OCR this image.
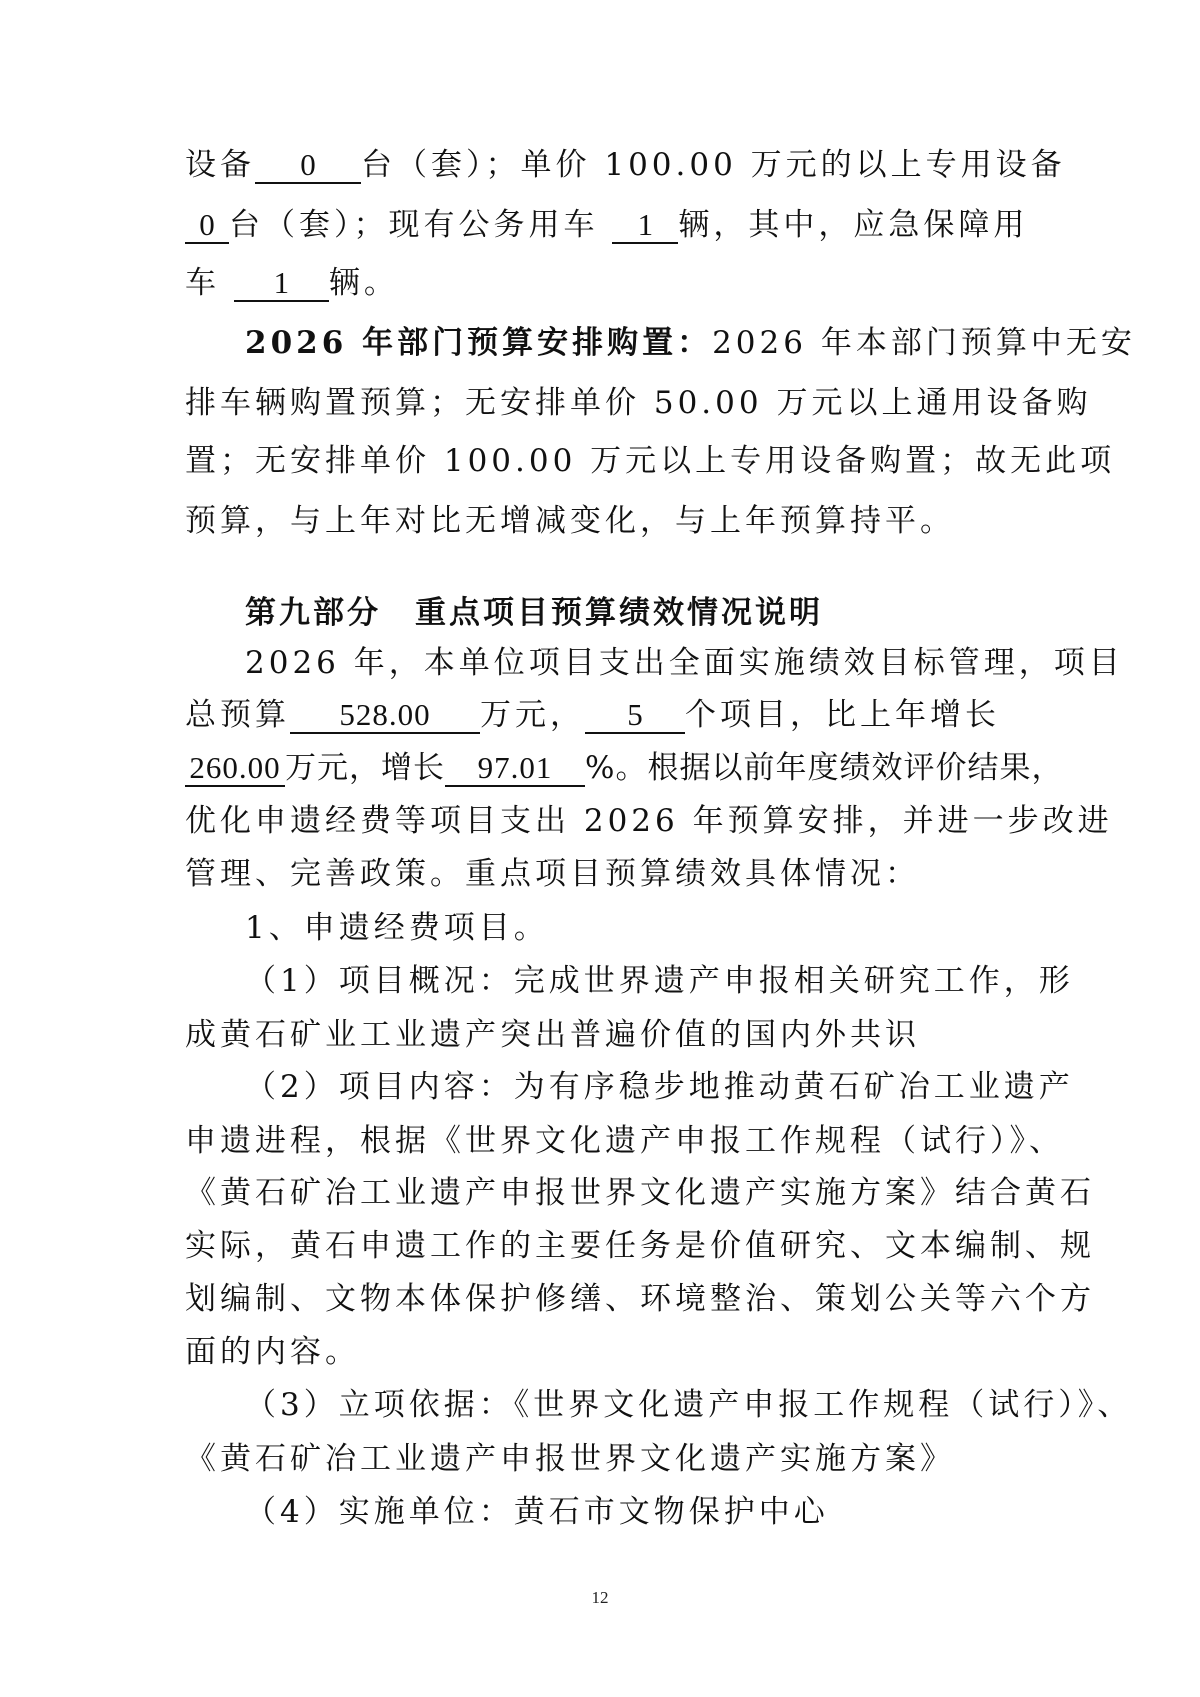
设备 0 台（套）；单价 100.00 万元的以上专用设备
0 台（套）；现有公务用车 1 辆，其中，应急保障用
车 1 辆。
2026 年部门预算安排购置：2026 年本部门预算中无安
排车辆购置预算；无安排单价 50.00 万元以上通用设备购
置；无安排单价 100.00 万元以上专用设备购置；故无此项
预算，与上年对比无增减变化，与上年预算持平。
第九部分　重点项目预算绩效情况说明
2026 年，本单位项目支出全面实施绩效目标管理，项目
总预算 528.00 万元， 5 个项目，比上年增长
260.00 万元，增长 97.01 %。根据以前年度绩效评价结果，
优化申遗经费等项目支出 2026 年预算安排，并进一步改进
管理、完善政策。重点项目预算绩效具体情况：
1、申遗经费项目。
（1）项目概况：完成世界遗产申报相关研究工作，形
成黄石矿业工业遗产突出普遍价值的国内外共识
（2）项目内容：为有序稳步地推动黄石矿冶工业遗产
申遗进程，根据《世界文化遗产申报工作规程（试行）》、
《黄石矿冶工业遗产申报世界文化遗产实施方案》结合黄石
实际，黄石申遗工作的主要任务是价值研究、文本编制、规
划编制、文物本体保护修缮、环境整治、策划公关等六个方
面的内容。
（3）立项依据：《世界文化遗产申报工作规程（试行）》、
《黄石矿冶工业遗产申报世界文化遗产实施方案》
（4）实施单位：黄石市文物保护中心
12
